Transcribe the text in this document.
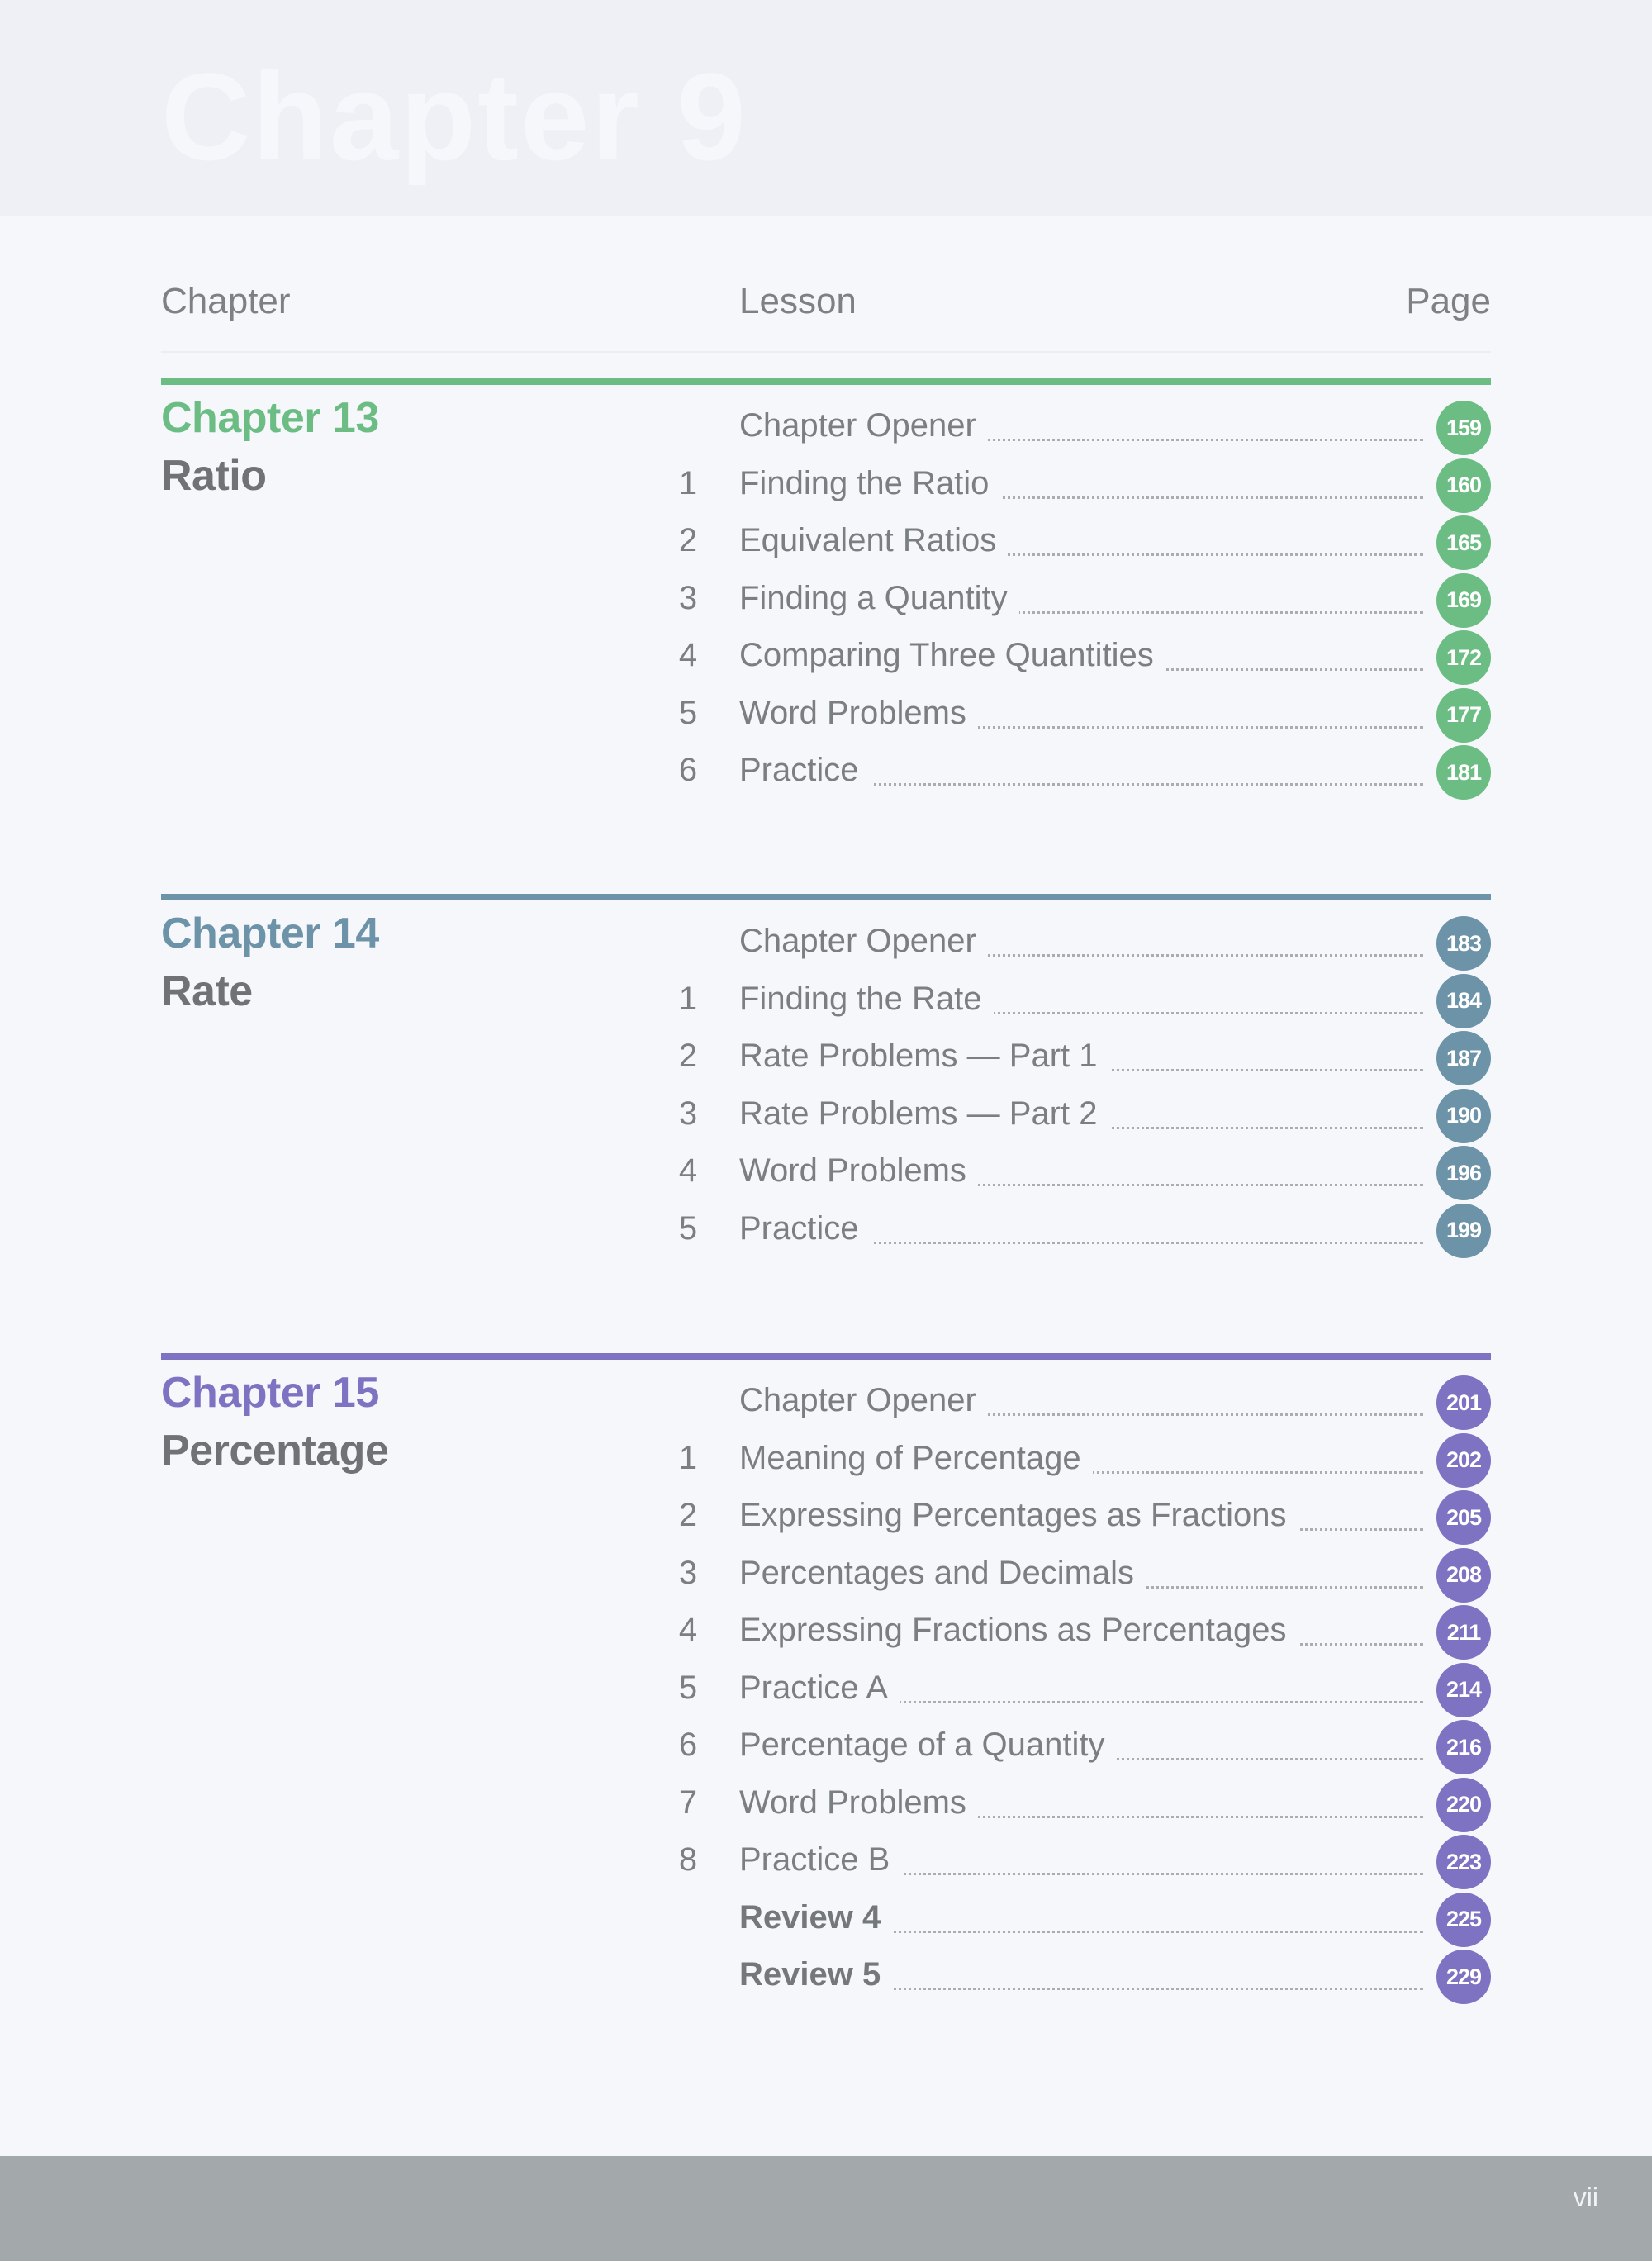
Chapter 9
Chapter	Lesson	Page
Chapter 13
Ratio
Chapter Opener	159
1 Finding the Ratio	160
2 Equivalent Ratios	165
3 Finding a Quantity	169
4 Comparing Three Quantities	172
5 Word Problems	177
6 Practice	181
Chapter 14
Rate
Chapter Opener	183
1 Finding the Rate	184
2 Rate Problems — Part 1	187
3 Rate Problems — Part 2	190
4 Word Problems	196
5 Practice	199
Chapter 15
Percentage
Chapter Opener	201
1 Meaning of Percentage	202
2 Expressing Percentages as Fractions	205
3 Percentages and Decimals	208
4 Expressing Fractions as Percentages	211
5 Practice A	214
6 Percentage of a Quantity	216
7 Word Problems	220
8 Practice B	223
Review 4	225
Review 5	229
vii
